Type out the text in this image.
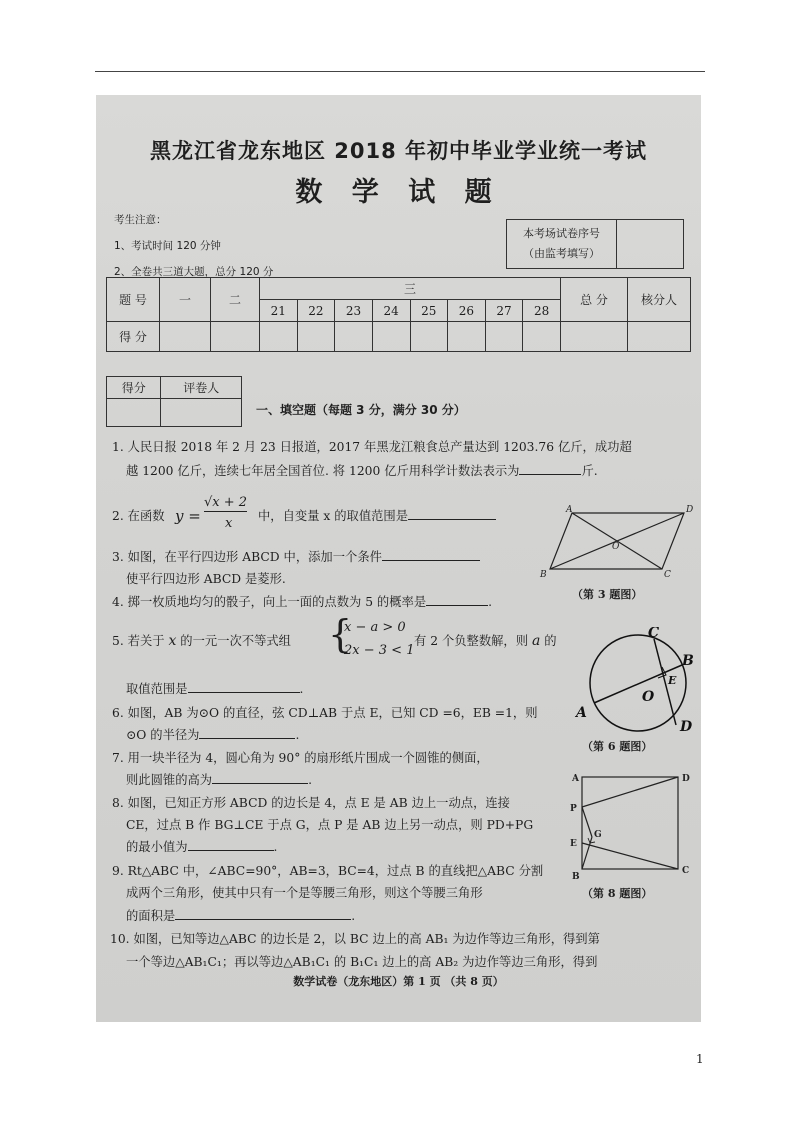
黑龙江省龙东地区 2018 年初中毕业学业统一考试
数 学 试 题
考生注意：
1、考试时间 120 分钟
2、全卷共三道大题，总分 120 分
本考场试卷序号
（由监考填写）
题 号	一	二	三								总 分	核分人
			21	22	23	24	25	26	27	28		
得 分												
得分	评卷人

一、填空题（每题 3 分，满分 30 分）
1. 人民日报 2018 年 2 月 23 日报道，2017 年黑龙江粮食总产量达到 1203.76 亿斤，成功超
越 1200 亿斤，连续七年居全国首位. 将 1200 亿斤用科学计数法表示为	斤.
2. 在函数 y =
√x + 2
x 中，自变量 x 的取值范围是
3. 如图，在平行四边形 ABCD 中，添加一个条件
使平行四边形 ABCD 是菱形.
4. 掷一枚质地均匀的骰子，向上一面的点数为 5 的概率是	.
5. 若关于 x 的一元一次不等式组 {
x − a > 0
2x − 3 < 1
有 2 个负整数解，则 a 的
取值范围是	.
6. 如图，AB 为⊙O 的直径，弦 CD⊥AB 于点 E，已知 CD =6，EB =1，则
⊙O 的半径为	.
7. 用一块半径为 4，圆心角为 90° 的扇形纸片围成一个圆锥的侧面，
则此圆锥的高为	.
8. 如图，已知正方形 ABCD 的边长是 4，点 E 是 AB 边上一动点，连接
CE，过点 B 作 BG⊥CE 于点 G，点 P 是 AB 边上另一动点，则 PD+PG
的最小值为	.
9. Rt△ABC 中，∠ABC=90°，AB=3，BC=4，过点 B 的直线把△ABC 分割
成两个三角形，使其中只有一个是等腰三角形，则这个等腰三角形
的面积是	.
10. 如图，已知等边△ABC 的边长是 2，以 BC 边上的高 AB₁ 为边作等边三角形，得到第
一个等边△AB₁C₁；再以等边△AB₁C₁ 的 B₁C₁ 边上的高 AB₂ 为边作等边三角形，得到
A	D
B	C
O
（第 3 题图）
C
B
E
O
A
D
（第 6 题图）
A	D
P
E
G
B
C
（第 8 题图）
数学试卷（龙东地区）第 1 页 （共 8 页）
1
